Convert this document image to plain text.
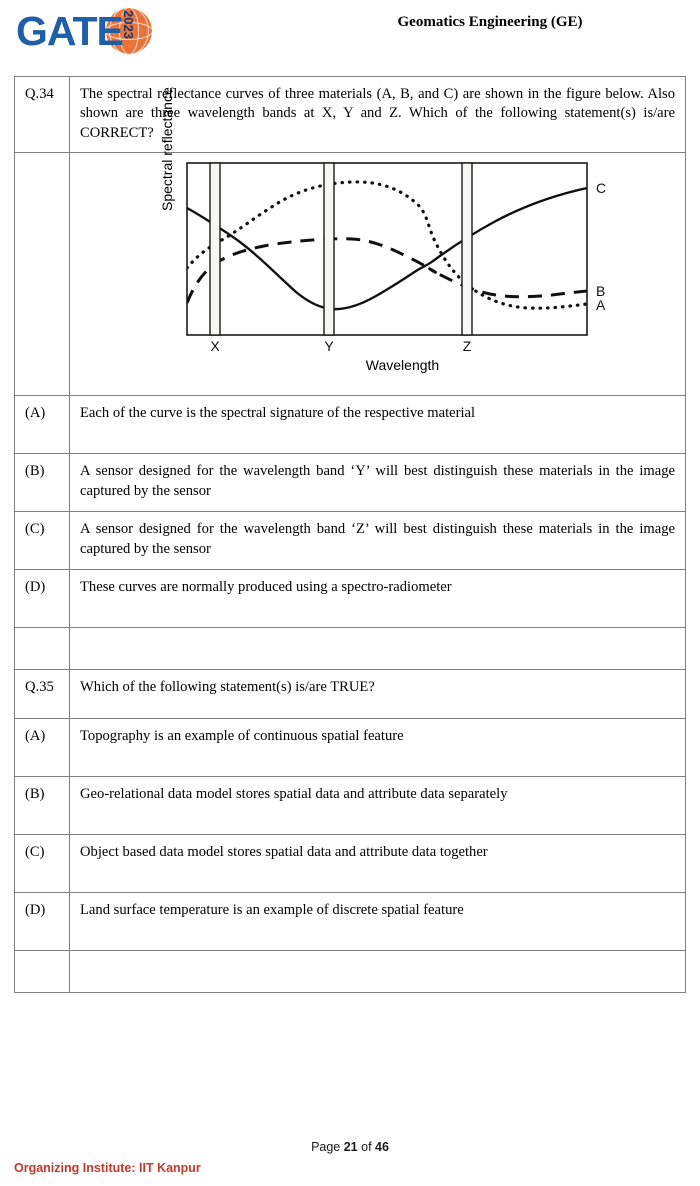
GATE
2023	Geomatics Engineering (GE)
Q.34	The spectral reflectance curves of three materials (A, B, and C) are shown in the figure below. Also shown are three wavelength bands at X, Y and Z. Which of the following statement(s) is/are CORRECT?

Spectral reflectance
Wavelength
X	Y	Z
C
B
A

(A)	Each of the curve is the spectral signature of the respective material
(B)	A sensor designed for the wavelength band ‘Y’ will best distinguish these materials in the image captured by the sensor
(C)	A sensor designed for the wavelength band ‘Z’ will best distinguish these materials in the image captured by the sensor
(D)	These curves are normally produced using a spectro-radiometer

Q.35	Which of the following statement(s) is/are TRUE?
(A)	Topography is an example of continuous spatial feature
(B)	Geo-relational data model stores spatial data and attribute data separately
(C)	Object based data model stores spatial data and attribute data together
(D)	Land surface temperature is an example of discrete spatial feature

Page 21 of 46
Organizing Institute: IIT Kanpur
